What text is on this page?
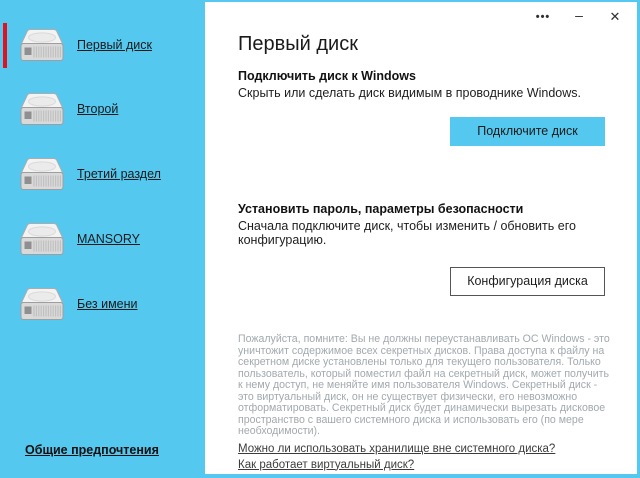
Первый диск
Второй
Третий раздел
MANSORY
Без имени
Общие предпочтения
•••	–	✕
Первый диск
Подключить диск к Windows
Скрыть или сделать диск видимым в проводнике Windows.
Подключите диск
Установить пароль, параметры безопасности
Сначала подключите диск, чтобы изменить / обновить его конфигурацию.
Конфигурация диска
Пожалуйста, помните: Вы не должны переустанавливать ОС Windows - это уничтожит содержимое всех секретных дисков. Права доступа к файлу на секретном диске установлены только для текущего пользователя. Только пользователь, который поместил файл на секретный диск, может получить к нему доступ, не меняйте имя пользователя Windows. Секретный диск - это виртуальный диск, он не существует физически, его невозможно отформатировать. Секретный диск будет динамически вырезать дисковое пространство с вашего системного диска и использовать его (по мере необходимости).
Можно ли использовать хранилище вне системного диска?
Как работает виртуальный диск?
